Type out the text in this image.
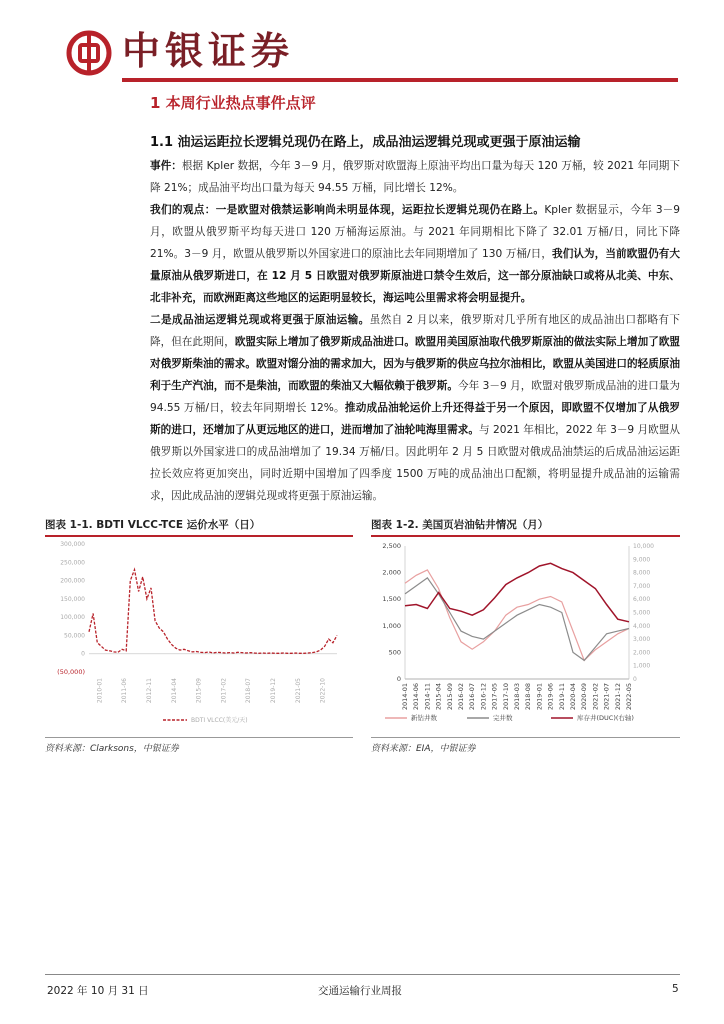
中银证券
1 本周行业热点事件点评
1.1 油运运距拉长逻辑兑现仍在路上，成品油运逻辑兑现或更强于原油运输
事件：根据 Kpler 数据，今年 3－9 月，俄罗斯对欧盟海上原油平均出口量为每天 120 万桶，较 2021 年同期下降 21%；成品油平均出口量为每天 94.55 万桶，同比增长 12%。
我们的观点：一是欧盟对俄禁运影响尚未明显体现，运距拉长逻辑兑现仍在路上。Kpler 数据显示，今年 3－9 月，欧盟从俄罗斯平均每天进口 120 万桶海运原油。与 2021 年同期相比下降了 32.01 万桶/日，同比下降 21%。3－9 月，欧盟从俄罗斯以外国家进口的原油比去年同期增加了 130 万桶/日，我们认为，当前欧盟仍有大量原油从俄罗斯进口，在 12 月 5 日欧盟对俄罗斯原油进口禁令生效后，这一部分原油缺口或将从北美、中东、北非补充，而欧洲距离这些地区的运距明显较长，海运吨公里需求将会明显提升。
二是成品油运逻辑兑现或将更强于原油运输。虽然自 2 月以来，俄罗斯对几乎所有地区的成品油出口都略有下降，但在此期间，欧盟实际上增加了俄罗斯成品油进口。欧盟用美国原油取代俄罗斯原油的做法实际上增加了欧盟对俄罗斯柴油的需求。欧盟对馏分油的需求加大，因为与俄罗斯的供应乌拉尔油相比，欧盟从美国进口的轻质原油利于生产汽油，而不是柴油，而欧盟的柴油又大幅依赖于俄罗斯。今年 3－9 月，欧盟对俄罗斯成品油的进口量为 94.55 万桶/日，较去年同期增长 12%。推动成品油轮运价上升还得益于另一个原因，即欧盟不仅增加了从俄罗斯的进口，还增加了从更远地区的进口，进而增加了油轮吨海里需求。与 2021 年相比，2022 年 3－9 月欧盟从俄罗斯以外国家进口的成品油增加了 19.34 万桶/日。因此明年 2 月 5 日欧盟对俄成品油禁运的后成品油运运距拉长效应将更加突出，同时近期中国增加了四季度 1500 万吨的成品油出口配额，将明显提升成品油的运输需求，因此成品油的逻辑兑现或将更强于原油运输。
图表 1-1. BDTI VLCC-TCE 运价水平（日）
300,000
250,000
200,000
150,000
100,000
50,000
0
(50,000)
2010-01	2011-06	2012-11	2014-04	2015-09	2017-02	2018-07	2019-12	2021-05	2022-10
BDTI VLCC(美元/天)
资料来源：Clarksons，中银证券
图表 1-2. 美国页岩油钻井情况（月）
2,500
2,000
1,500
1,000
500
0
10,000
9,000
8,000
7,000
6,000
5,000
4,000
3,000
2,000
1,000
0
2014-01 2014-06 2014-11 2015-04 2015-09 2016-02 2016-07 2016-12 2017-05 2017-10 2018-03 2018-08 2019-01 2019-06 2019-11 2020-04 2020-09 2021-02 2021-07 2021-12 2022-05
新钻井数	完井数	库存井(DUC)(右轴)
资料来源：EIA，中银证券
2022 年 10 月 31 日	交通运输行业周报	5
